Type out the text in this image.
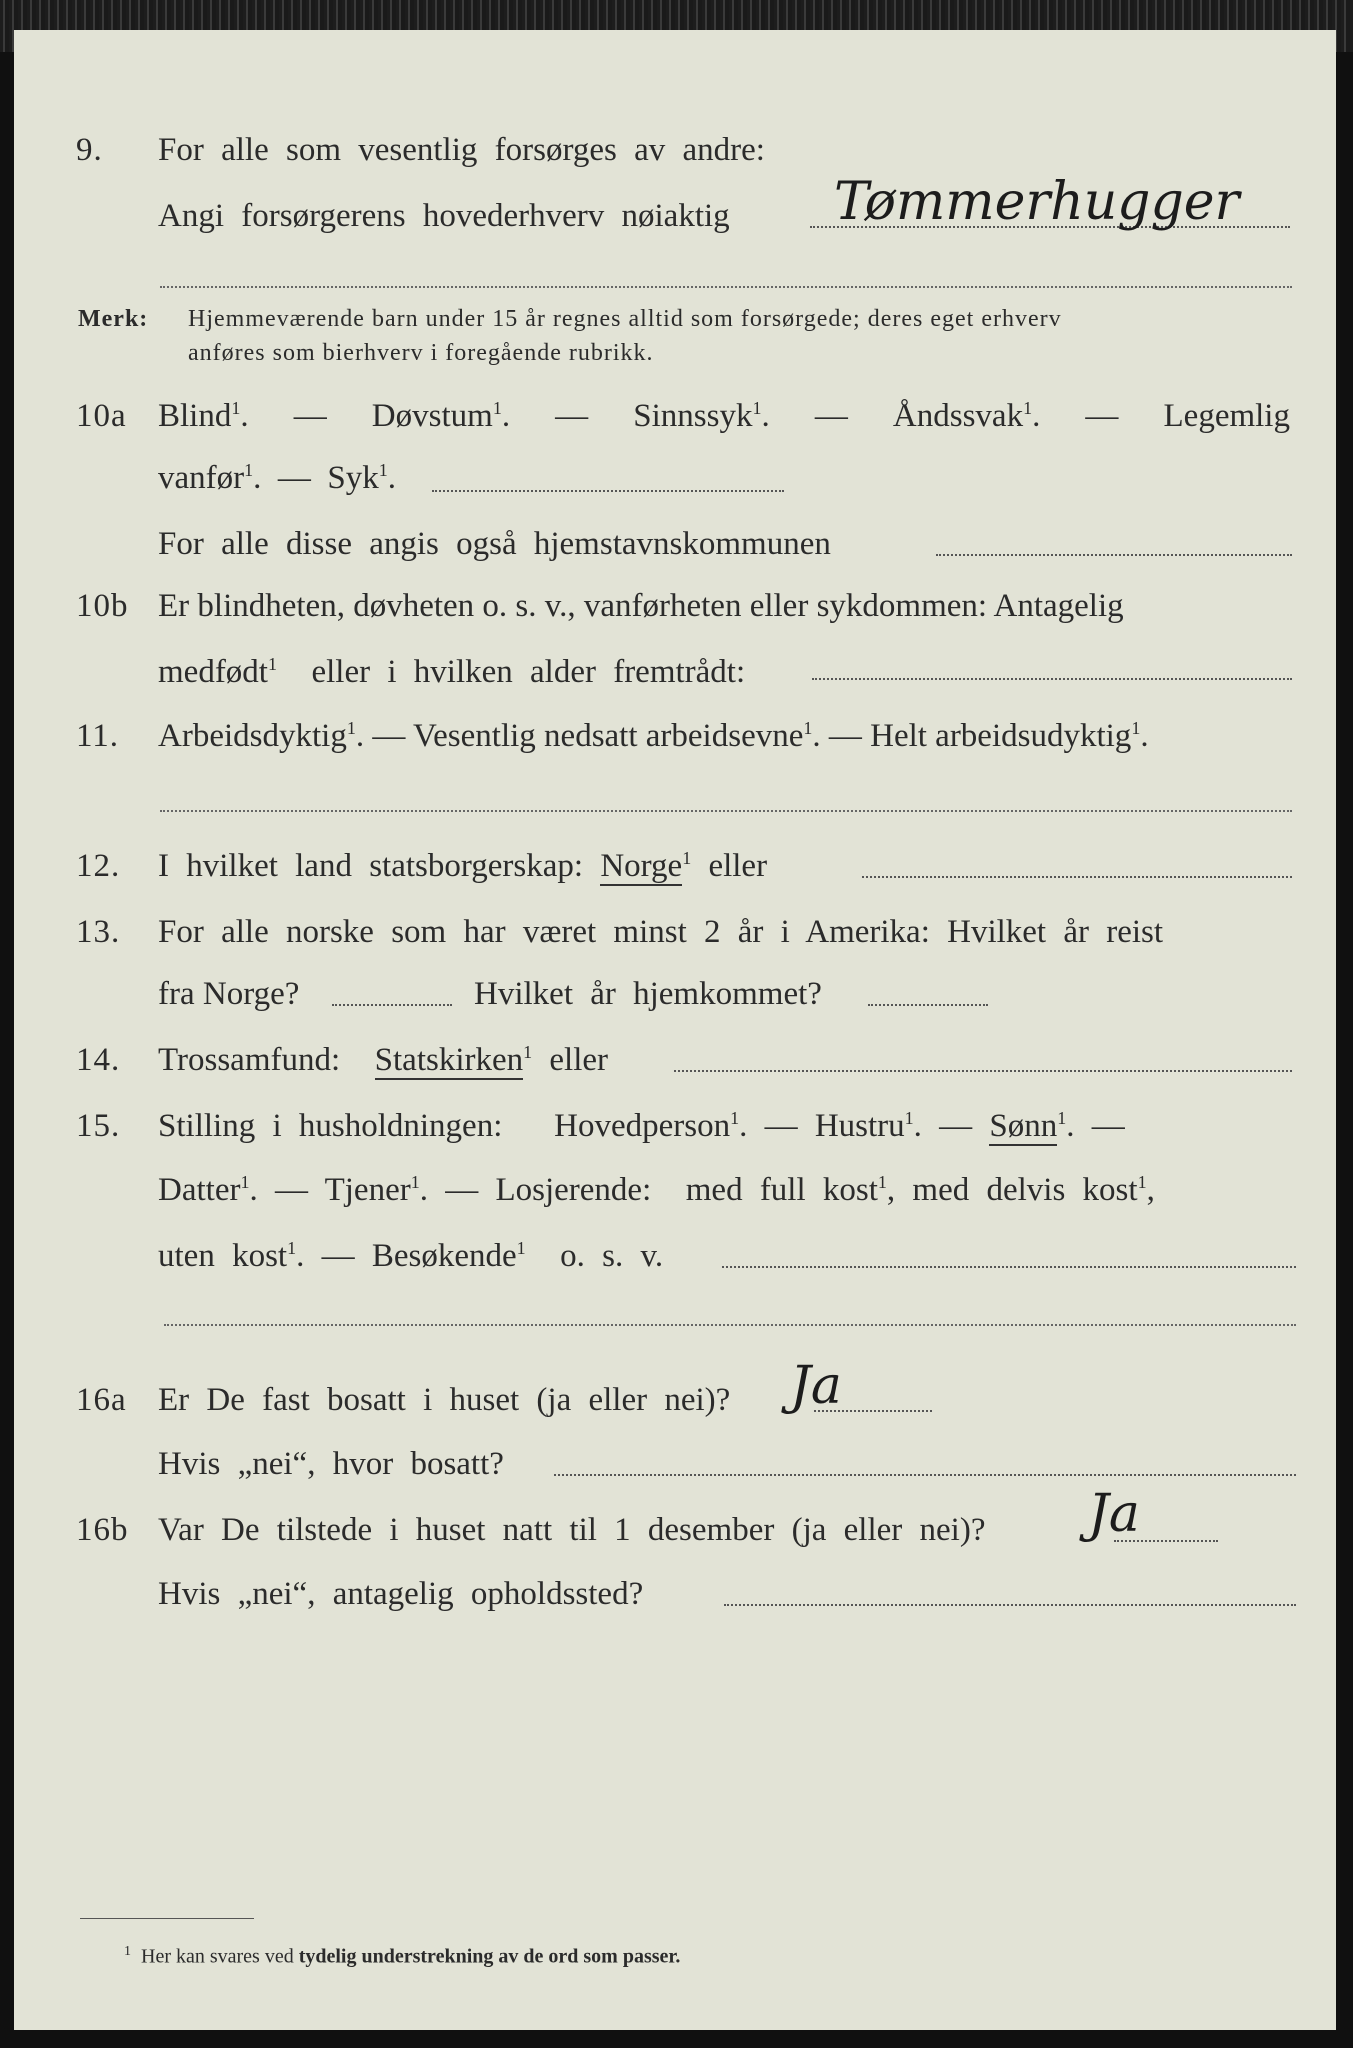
9. For alle som vesentlig forsørges av andre:
Angi forsørgerens hovederhverv nøiaktig Tømmerhugger
Merk:	Hjemmeværende barn under 15 år regnes alltid som forsørgede; deres eget erhverv
anføres som bierhverv i foregående rubrikk.
10a Blind$^1$. — Døvstum$^1$. — Sinnssyk$^1$. — Åndssvak$^1$. — Legemlig
vanfør$^1$.  — Syk$^1$.
For alle disse angis også hjemstavnskommunen
10b Er blindheten, døvheten o. s. v., vanførheten eller sykdommen: Antagelig
medfødt$^1$ eller i hvilken alder fremtrådt:
11. Arbeidsdyktig$^1$. — Vesentlig nedsatt arbeidsevne$^1$. — Helt arbeidsudyktig$^1$.
12. I hvilket land statsborgerskap: Norge$^1$ eller
13. For alle norske som har været minst 2 år i Amerika: Hvilket år reist
fra Norge?	Hvilket år hjemkommet?
14. Trossamfund: Statskirken$^1$ eller
15. Stilling i husholdningen: Hovedperson$^1$. — Hustru$^1$. — Sønn$^1$. —
Datter$^1$. — Tjener$^1$. — Losjerende: med full kost$^1$, med delvis kost$^1$,
uten kost$^1$. — Besøkende$^1$ o. s. v.
16a Er De fast bosatt i huset (ja eller nei)? Ja
Hvis „nei“, hvor bosatt?
16b Var De tilstede i huset natt til 1 desember (ja eller nei)? Ja
Hvis „nei“, antagelig opholdssted?
$^1$ Her kan svares ved tydelig understrekning av de ord som passer.
